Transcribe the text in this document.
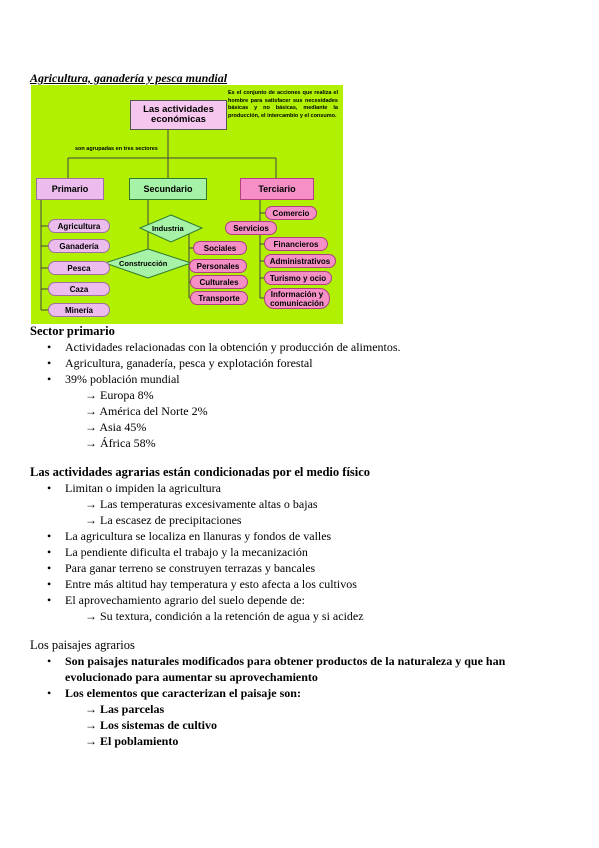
Agricultura, ganadería y pesca mundial
Las actividades económicas
Es el conjunto de acciones que realiza el hombre para satisfacer sus necesidades básicas y no básicas, mediante la producción, el intercambio y el consumo.
son agrupadas en tres sectores
Primario	Secundario	Terciario
Agricultura
Ganadería
Pesca
Caza
Minería
Industria
Construcción
Comercio
Servicios
Sociales
Personales
Culturales
Transporte
Financieros
Administrativos
Turismo y ocio
Información y comunicación
Sector primario
• Actividades relacionadas con la obtención y producción de alimentos.
• Agricultura, ganadería, pesca y explotación forestal
• 39% población mundial
→ Europa 8%
→ América del Norte 2%
→ Asia 45%
→ África 58%
Las actividades agrarias están condicionadas por el medio físico
• Limitan o impiden la agricultura
→ Las temperaturas excesivamente altas o bajas
→ La escasez de precipitaciones
• La agricultura se localiza en llanuras y fondos de valles
• La pendiente dificulta el trabajo y la mecanización
• Para ganar terreno se construyen terrazas y bancales
• Entre más altitud hay temperatura y esto afecta a los cultivos
• El aprovechamiento agrario del suelo depende de:
→ Su textura, condición a la retención de agua y si acidez
Los paisajes agrarios
• Son paisajes naturales modificados para obtener productos de la naturaleza y que han
evolucionado para aumentar su aprovechamiento
• Los elementos que caracterizan el paisaje son:
→ Las parcelas
→ Los sistemas de cultivo
→ El poblamiento
